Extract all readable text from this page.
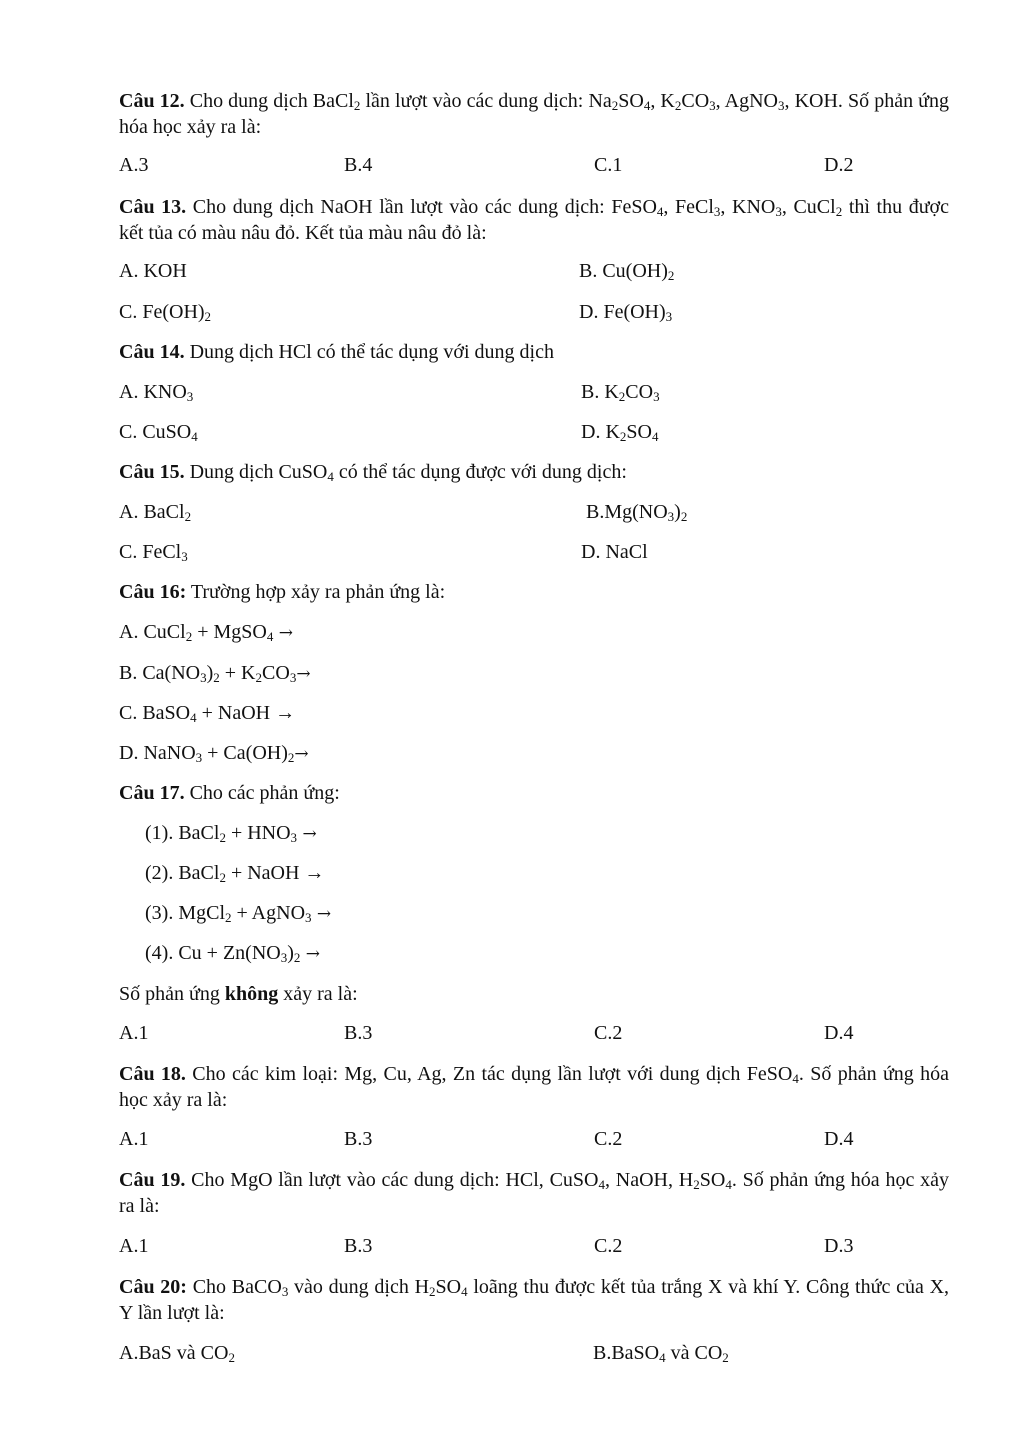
Câu 12. Cho dung dịch BaCl$_2$ lần lượt vào các dung dịch: $Na_2SO_4$, $K_2CO_3$, AgNO$_3$, KOH. Số phản ứng hóa học xảy ra là:
A.3	B.4	C.1	D.2
Câu 13. Cho dung dịch NaOH lần lượt vào các dung dịch: FeSO$_4$, FeCl$_3$, $KNO_3$, CuCl$_2$ thì thu được kết tủa có màu nâu đỏ. Kết tủa màu nâu đỏ là:
A. KOH	B. $Cu(OH)_2$
C. $Fe(OH)_2$	D. $Fe(OH)_3$
Câu 14. Dung dịch HCl có thể tác dụng với dung dịch
A. $KNO_3$	B. $K_2CO_3$
C. CuSO$_4$	D. $K_2SO_4$
Câu 15. Dung dịch CuSO$_4$ có thể tác dụng được với dung dịch:
A. BaCl$_2$	$B.Mg(NO_3)_2$
C. FeCl$_3$	D. NaCl
Câu 16: Trường hợp xảy ra phản ứng là:
A. CuCl$_2$ + MgSO$_4$ →
B. $Ca(NO_3)_2 + K_2CO_3\to$
C. BaSO$_4$ + NaOH →
D. NaNO$_3$ + $Ca(OH)_2\to$
Câu 17. Cho các phản ứng:
(1). BaCl$_2$ + $HNO_3$ →
(2). BaCl$_2$ + NaOH →
(3). MgCl$_2$ + AgNO$_3$ →
(4). $Cu + Zn(NO_3)_2$ →
Số phản ứng không xảy ra là:
A.1	B.3	C.2	D.4
Câu 18. Cho các kim loại: Mg, Cu, Ag, Zn tác dụng lần lượt với dung dịch FeSO$_4$. Số phản ứng hóa học xảy ra là:
A.1	B.3	C.2	D.4
Câu 19. Cho MgO lần lượt vào các dung dịch: HCl, CuSO$_4$, NaOH, $H_2SO_4$. Số phản ứng hóa học xảy ra là:
A.1	B.3	C.2	D.3
Câu 20: Cho BaCO$_3$ vào dung dịch $H_2SO_4$ loãng thu được kết tủa trắng X và khí Y. Công thức của X, Y lần lượt là:
A.BaS và $CO_2$	B.BaSO$_4$ và $CO_2$
